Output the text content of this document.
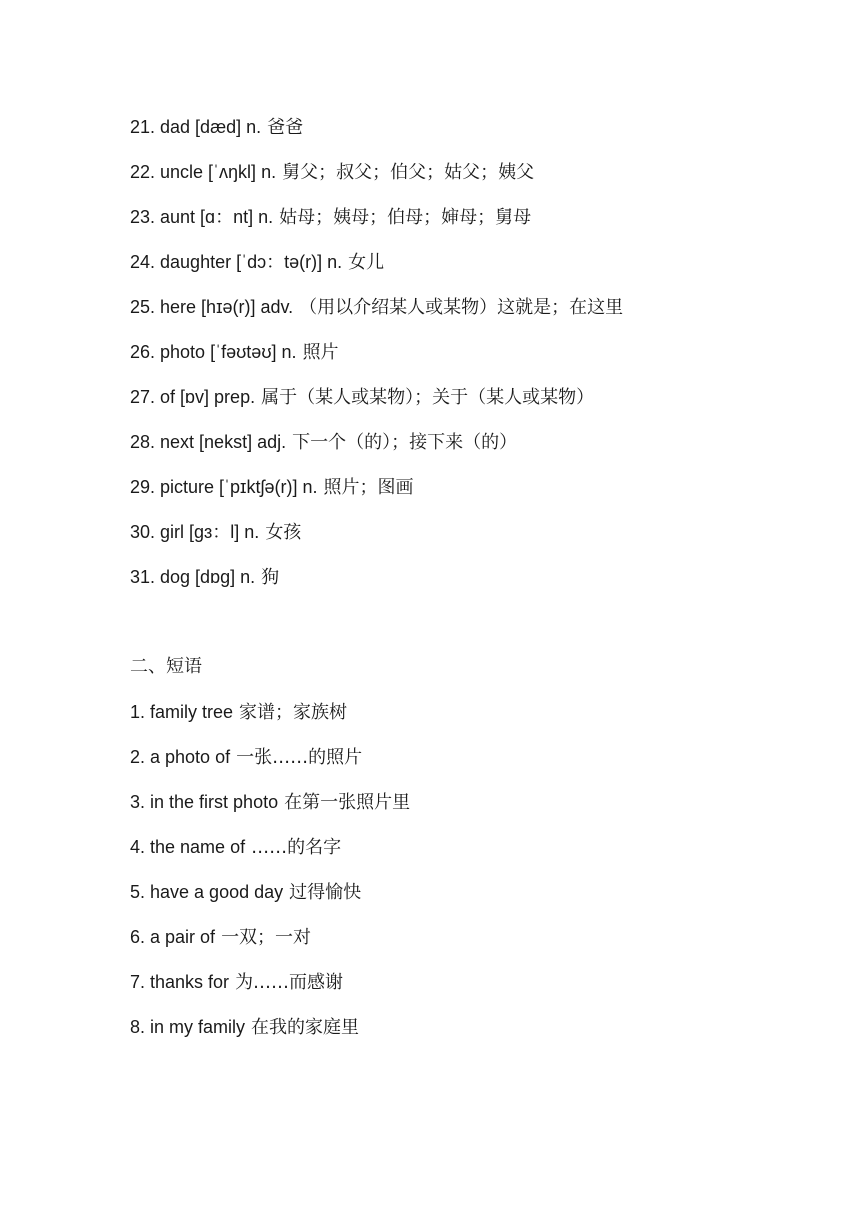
21. dad [dæd] n. 爸爸
22. uncle [ˈʌŋkl] n. 舅父；叔父；伯父；姑父；姨父
23. aunt [ɑ：nt] n. 姑母；姨母；伯母；婶母；舅母
24. daughter [ˈdɔ：tə(r)] n. 女儿
25. here [hɪə(r)] adv. （用以介绍某人或某物）这就是；在这里
26. photo [ˈfəʊtəʊ] n. 照片
27. of [ɒv] prep. 属于（某人或某物）；关于（某人或某物）
28. next [nekst] adj. 下一个（的）；接下来（的）
29. picture [ˈpɪktʃə(r)] n. 照片；图画
30. girl [ɡɜ：l] n. 女孩
31. dog [dɒɡ] n. 狗
二、短语
1. family tree 家谱；家族树
2. a photo of 一张……的照片
3. in the first photo 在第一张照片里
4. the name of ……的名字
5. have a good day 过得愉快
6. a pair of 一双；一对
7. thanks for 为……而感谢
8. in my family 在我的家庭里
